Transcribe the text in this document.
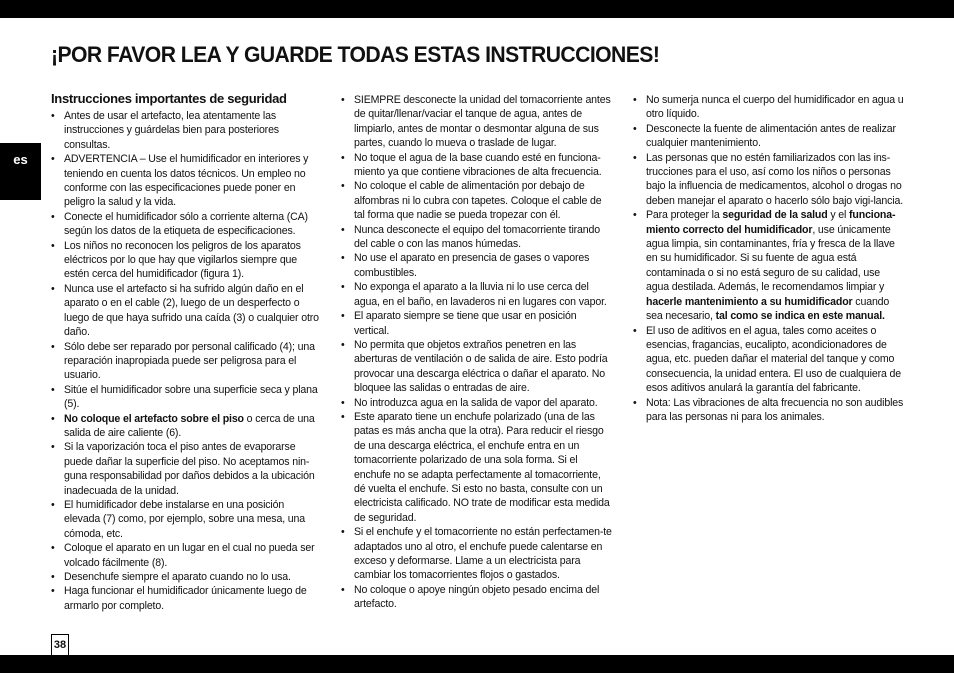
es
¡POR FAVOR LEA Y GUARDE TODAS ESTAS INSTRUCCIONES!
Instrucciones importantes de seguridad
• Antes de usar el artefacto, lea atentamente las instrucciones y guárdelas bien para posteriores consultas.
• ADVERTENCIA – Use el humidificador en interiores y teniendo en cuenta los datos técnicos. Un empleo no conforme con las especificaciones puede poner en peligro la salud y la vida.
• Conecte el humidificador sólo a corriente alterna (CA) según los datos de la etiqueta de especificaciones.
• Los niños no reconocen los peligros de los aparatos eléctricos por lo que hay que vigilarlos siempre que estén cerca del humidificador (figura 1).
• Nunca use el artefacto si ha sufrido algún daño en el aparato o en el cable (2), luego de un desperfecto o luego de que haya sufrido una caída (3) o cualquier otro daño.
• Sólo debe ser reparado por personal calificado (4); una reparación inapropiada puede ser peligrosa para el usuario.
• Sitúe el humidificador sobre una superficie seca y plana (5).
• No coloque el artefacto sobre el piso o cerca de una salida de aire caliente (6).
• Si la vaporización toca el piso antes de evaporarse puede dañar la superficie del piso. No aceptamos nin-guna responsabilidad por daños debidos a la ubicación inadecuada de la unidad.
• El humidificador debe instalarse en una posición elevada (7) como, por ejemplo, sobre una mesa, una cómoda, etc.
• Coloque el aparato en un lugar en el cual no pueda ser volcado fácilmente (8).
• Desenchufe siempre el aparato cuando no lo usa.
• Haga funcionar el humidificador únicamente luego de armarlo por completo.
• SIEMPRE desconecte la unidad del tomacorriente antes de quitar/llenar/vaciar el tanque de agua, antes de limpiarlo, antes de montar o desmontar alguna de sus partes, cuando lo mueva o traslade de lugar.
• No toque el agua de la base cuando esté en funciona-miento ya que contiene vibraciones de alta frecuencia.
• No coloque el cable de alimentación por debajo de alfombras ni lo cubra con tapetes. Coloque el cable de tal forma que nadie se pueda tropezar con él.
• Nunca desconecte el equipo del tomacorriente tirando del cable o con las manos húmedas.
• No use el aparato en presencia de gases o vapores combustibles.
• No exponga el aparato a la lluvia ni lo use cerca del agua, en el baño, en lavaderos ni en lugares con vapor.
• El aparato siempre se tiene que usar en posición vertical.
• No permita que objetos extraños penetren en las aberturas de ventilación o de salida de aire. Esto podría provocar una descarga eléctrica o dañar el aparato. No bloquee las salidas o entradas de aire.
• No introduzca agua en la salida de vapor del aparato.
• Este aparato tiene un enchufe polarizado (una de las patas es más ancha que la otra). Para reducir el riesgo de una descarga eléctrica, el enchufe entra en un tomacorriente polarizado de una sola forma. Si el enchufe no se adapta perfectamente al tomacorriente, dé vuelta el enchufe. Si esto no basta, consulte con un electricista calificado. NO trate de modificar esta medida de seguridad.
• Si el enchufe y el tomacorriente no están perfectamen-te adaptados uno al otro, el enchufe puede calentarse en exceso y deformarse. Llame a un electricista para cambiar los tomacorrientes flojos o gastados.
• No coloque o apoye ningún objeto pesado encima del artefacto.
• No sumerja nunca el cuerpo del humidificador en agua u otro líquido.
• Desconecte la fuente de alimentación antes de realizar cualquier mantenimiento.
• Las personas que no estén familiarizados con las ins-trucciones para el uso, así como los niños o personas bajo la influencia de medicamentos, alcohol o drogas no deben manejar el aparato o hacerlo sólo bajo vigi-lancia.
• Para proteger la seguridad de la salud y el funciona-miento correcto del humidificador, use únicamente agua limpia, sin contaminantes, fría y fresca de la llave en su humidificador. Si su fuente de agua está contaminada o si no está seguro de su calidad, use agua destilada. Además, le recomendamos limpiar y hacerle mantenimiento a su humidificador cuando sea necesario, tal como se indica en este manual.
• El uso de aditivos en el agua, tales como aceites o esencias, fragancias, eucalipto, acondicionadores de agua, etc. pueden dañar el material del tanque y como consecuencia, la unidad entera. El uso de cualquiera de esos aditivos anulará la garantía del fabricante.
• Nota: Las vibraciones de alta frecuencia no son audibles para las personas ni para los animales.
38
